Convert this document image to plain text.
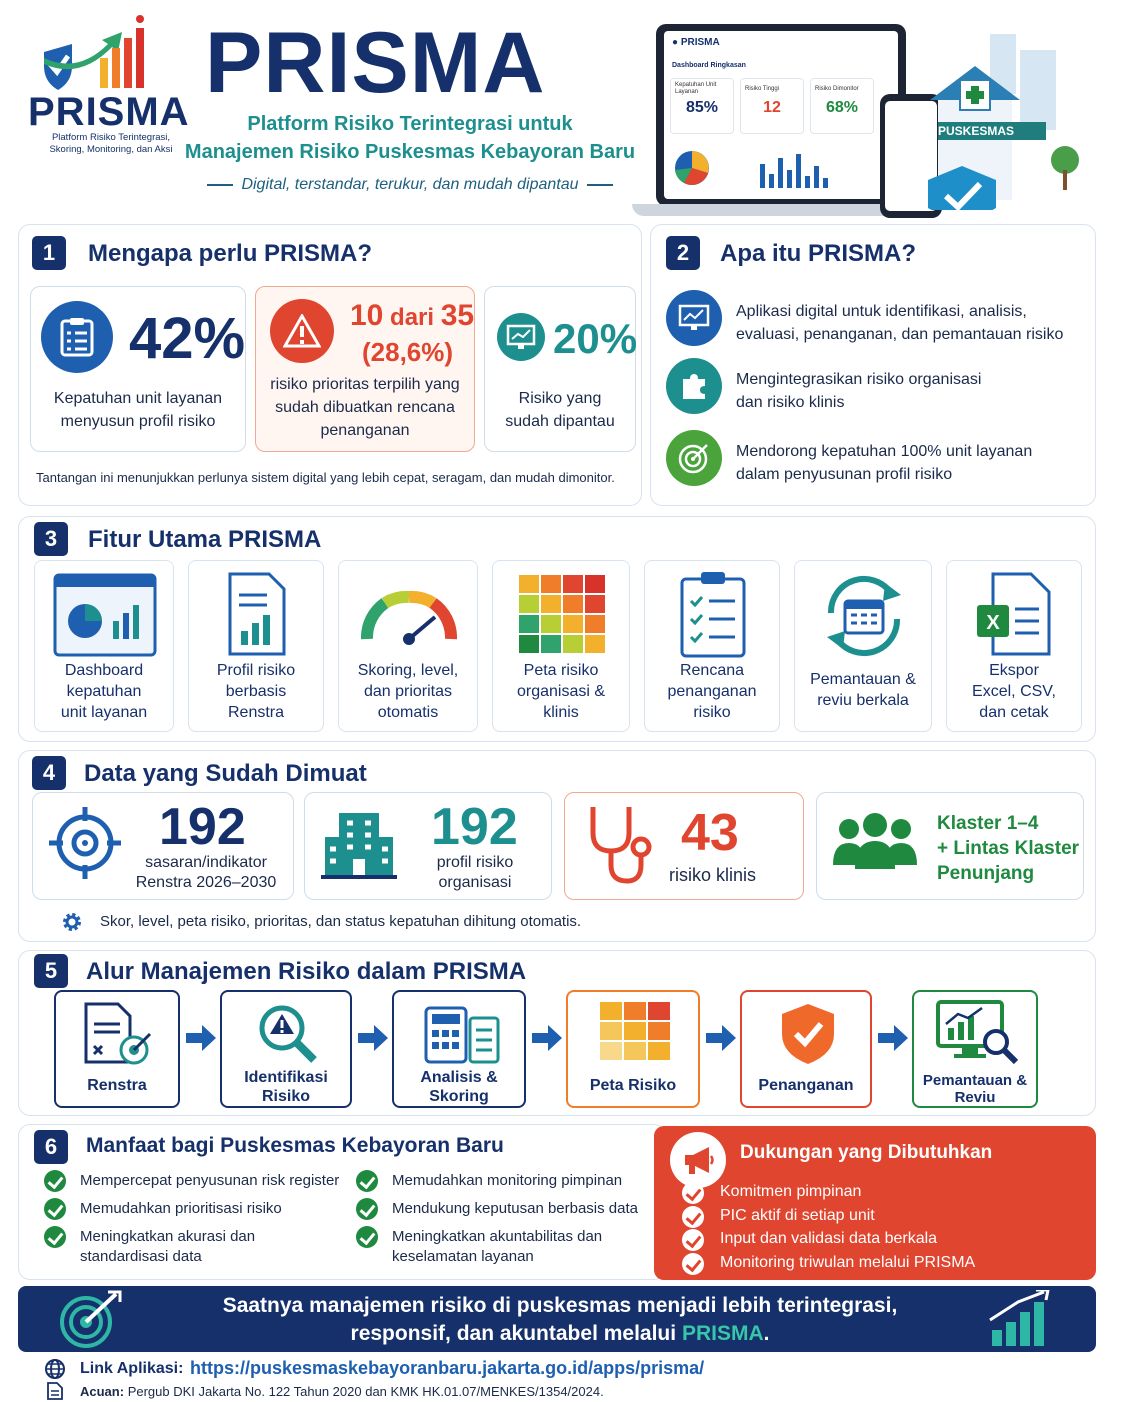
PRISMA
Platform Risiko Terintegrasi, Skoring, Monitoring, dan Aksi
PRISMA
Platform Risiko Terintegrasi untuk
Manajemen Risiko Puskesmas Kebayoran Baru
Digital, terstandar, terukur, dan mudah dipantau
● PRISMA
Dashboard Ringkasan
Kepatuhan Unit Layanan
85%
Risiko Tinggi
12
Risiko Dimonitor
68%
PUSKESMAS
1	Mengapa perlu PRISMA?
42%
Kepatuhan unit layanan
menyusun profil risiko
10 dari 35
(28,6%)
risiko prioritas terpilih yang
sudah dibuatkan rencana
penanganan
20%
Risiko yang
sudah dipantau
Tantangan ini menunjukkan perlunya sistem digital yang lebih cepat, seragam, dan mudah dimonitor.
2	Apa itu PRISMA?
Aplikasi digital untuk identifikasi, analisis,
evaluasi, penanganan, dan pemantauan risiko
Mengintegrasikan risiko organisasi
dan risiko klinis
Mendorong kepatuhan 100% unit layanan
dalam penyusunan profil risiko
3	Fitur Utama PRISMA
Dashboard
kepatuhan
unit layanan
Profil risiko
berbasis
Renstra
Skoring, level,
dan prioritas
otomatis
Peta risiko
organisasi &
klinis
Rencana
penanganan
risiko
Pemantauan &
reviu berkala
X
Ekspor
Excel, CSV,
dan cetak
4	Data yang Sudah Dimuat
192
sasaran/indikator
Renstra 2026–2030
192
profil risiko
organisasi
43
risiko klinis
Klaster 1–4
+ Lintas Klaster
Penunjang
Skor, level, peta risiko, prioritas, dan status kepatuhan dihitung otomatis.
5	Alur Manajemen Risiko dalam PRISMA
Renstra	Identifikasi
Risiko
Analisis &
Skoring
Peta Risiko	Penanganan	Pemantauan &
Reviu
6	Manfaat bagi Puskesmas Kebayoran Baru
Mempercepat penyusunan risk register
Memudahkan prioritisasi risiko
Meningkatkan akurasi dan
standardisasi data
Memudahkan monitoring pimpinan
Mendukung keputusan berbasis data
Meningkatkan akuntabilitas dan
keselamatan layanan
Dukungan yang Dibutuhkan
Komitmen pimpinan
PIC aktif di setiap unit
Input dan validasi data berkala
Monitoring triwulan melalui PRISMA
Saatnya manajemen risiko di puskesmas menjadi lebih terintegrasi,
responsif, dan akuntabel melalui PRISMA.
Link Aplikasi: https://puskesmaskebayoranbaru.jakarta.go.id/apps/prisma/
Acuan: Pergub DKI Jakarta No. 122 Tahun 2020 dan KMK HK.01.07/MENKES/1354/2024.
